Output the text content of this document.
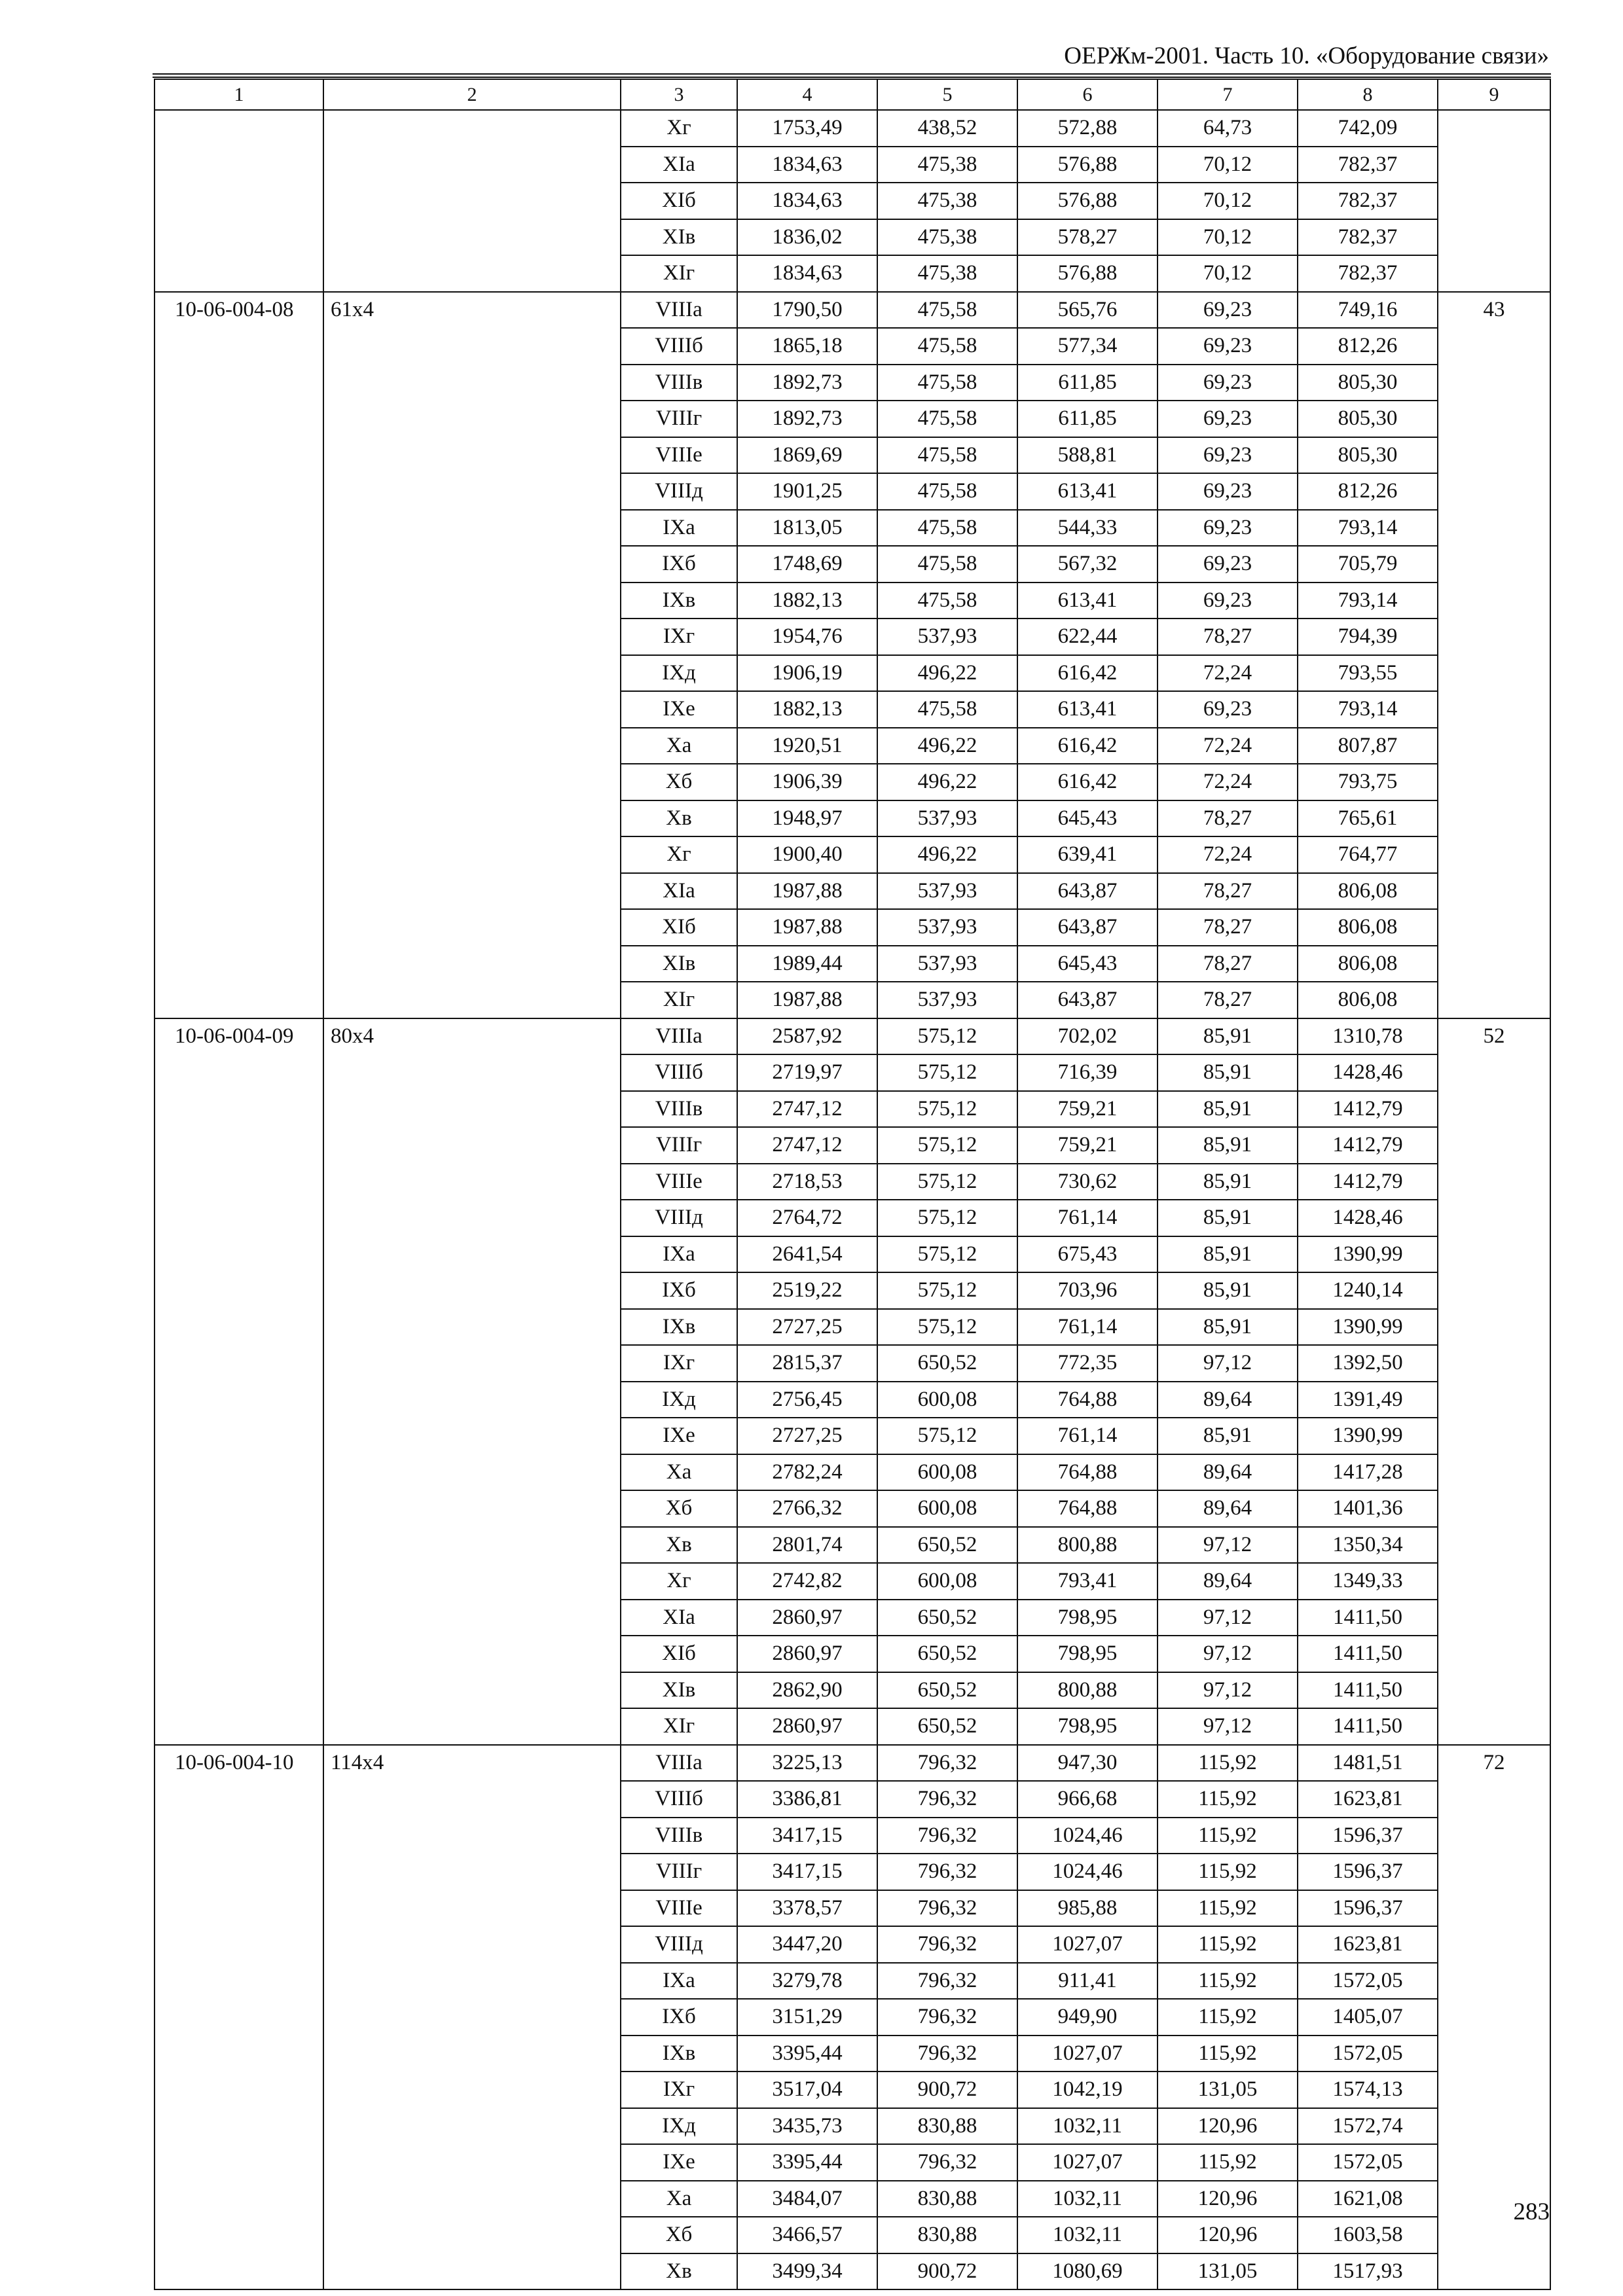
ОЕРЖм-2001. Часть 10. «Оборудование связи»
1	2	3	4	5	6	7	8	9
		Xг	1753,49	438,52	572,88	64,73	742,09	
		XIа	1834,63	475,38	576,88	70,12	782,37	
		XIб	1834,63	475,38	576,88	70,12	782,37	
		XIв	1836,02	475,38	578,27	70,12	782,37	
		XIг	1834,63	475,38	576,88	70,12	782,37	
10-06-004-08	61x4	VIIIа	1790,50	475,58	565,76	69,23	749,16	43
		VIIIб	1865,18	475,58	577,34	69,23	812,26	
		VIIIв	1892,73	475,58	611,85	69,23	805,30	
		VIIIг	1892,73	475,58	611,85	69,23	805,30	
		VIIIе	1869,69	475,58	588,81	69,23	805,30	
		VIIIд	1901,25	475,58	613,41	69,23	812,26	
		IXа	1813,05	475,58	544,33	69,23	793,14	
		IXб	1748,69	475,58	567,32	69,23	705,79	
		IXв	1882,13	475,58	613,41	69,23	793,14	
		IXг	1954,76	537,93	622,44	78,27	794,39	
		IXд	1906,19	496,22	616,42	72,24	793,55	
		IXе	1882,13	475,58	613,41	69,23	793,14	
		Xа	1920,51	496,22	616,42	72,24	807,87	
		Xб	1906,39	496,22	616,42	72,24	793,75	
		Xв	1948,97	537,93	645,43	78,27	765,61	
		Xг	1900,40	496,22	639,41	72,24	764,77	
		XIа	1987,88	537,93	643,87	78,27	806,08	
		XIб	1987,88	537,93	643,87	78,27	806,08	
		XIв	1989,44	537,93	645,43	78,27	806,08	
		XIг	1987,88	537,93	643,87	78,27	806,08	
10-06-004-09	80x4	VIIIа	2587,92	575,12	702,02	85,91	1310,78	52
		VIIIб	2719,97	575,12	716,39	85,91	1428,46	
		VIIIв	2747,12	575,12	759,21	85,91	1412,79	
		VIIIг	2747,12	575,12	759,21	85,91	1412,79	
		VIIIе	2718,53	575,12	730,62	85,91	1412,79	
		VIIIд	2764,72	575,12	761,14	85,91	1428,46	
		IXа	2641,54	575,12	675,43	85,91	1390,99	
		IXб	2519,22	575,12	703,96	85,91	1240,14	
		IXв	2727,25	575,12	761,14	85,91	1390,99	
		IXг	2815,37	650,52	772,35	97,12	1392,50	
		IXд	2756,45	600,08	764,88	89,64	1391,49	
		IXе	2727,25	575,12	761,14	85,91	1390,99	
		Xа	2782,24	600,08	764,88	89,64	1417,28	
		Xб	2766,32	600,08	764,88	89,64	1401,36	
		Xв	2801,74	650,52	800,88	97,12	1350,34	
		Xг	2742,82	600,08	793,41	89,64	1349,33	
		XIа	2860,97	650,52	798,95	97,12	1411,50	
		XIб	2860,97	650,52	798,95	97,12	1411,50	
		XIв	2862,90	650,52	800,88	97,12	1411,50	
		XIг	2860,97	650,52	798,95	97,12	1411,50	
10-06-004-10	114x4	VIIIа	3225,13	796,32	947,30	115,92	1481,51	72
		VIIIб	3386,81	796,32	966,68	115,92	1623,81	
		VIIIв	3417,15	796,32	1024,46	115,92	1596,37	
		VIIIг	3417,15	796,32	1024,46	115,92	1596,37	
		VIIIе	3378,57	796,32	985,88	115,92	1596,37	
		VIIIд	3447,20	796,32	1027,07	115,92	1623,81	
		IXа	3279,78	796,32	911,41	115,92	1572,05	
		IXб	3151,29	796,32	949,90	115,92	1405,07	
		IXв	3395,44	796,32	1027,07	115,92	1572,05	
		IXг	3517,04	900,72	1042,19	131,05	1574,13	
		IXд	3435,73	830,88	1032,11	120,96	1572,74	
		IXе	3395,44	796,32	1027,07	115,92	1572,05	
		Xа	3484,07	830,88	1032,11	120,96	1621,08	
		Xб	3466,57	830,88	1032,11	120,96	1603,58	
		Xв	3499,34	900,72	1080,69	131,05	1517,93	
283
